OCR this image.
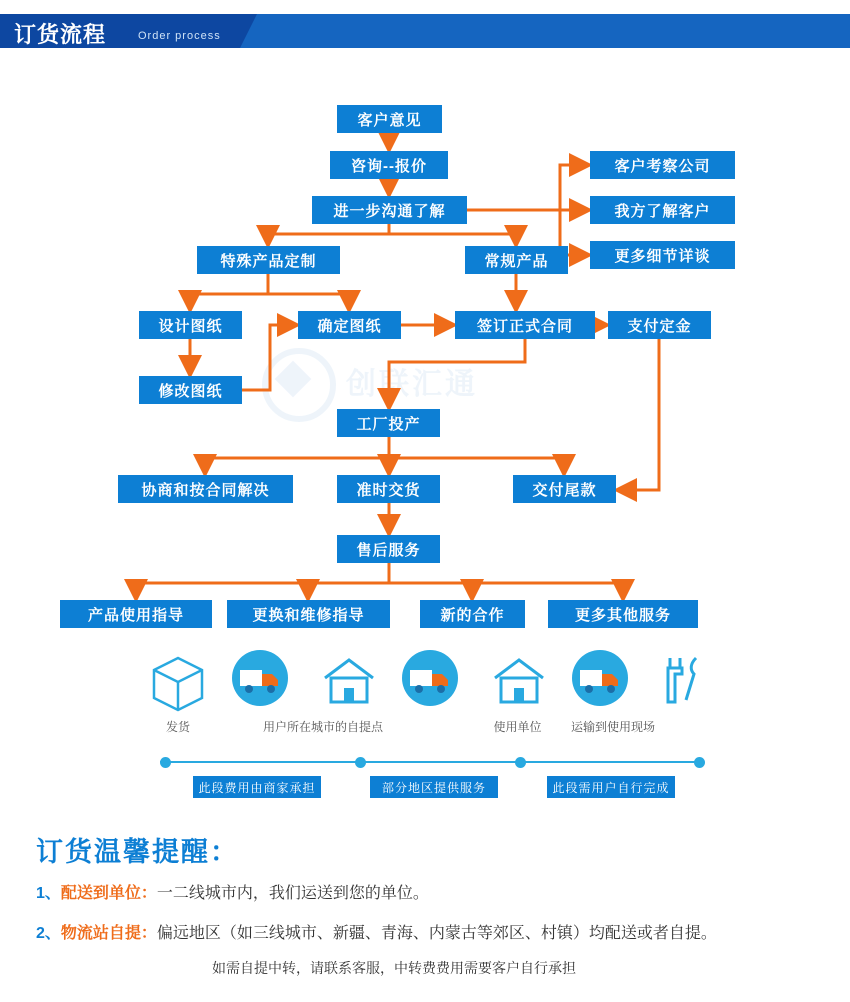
订货流程	Order process
创联汇通
客户意见
咨询--报价
进一步沟通了解
客户考察公司
我方了解客户
更多细节详谈
特殊产品定制	常规产品
设计图纸	确定图纸	签订正式合同	支付定金
修改图纸
工厂投产
协商和按合同解决	准时交货	交付尾款
售后服务
产品使用指导	更换和维修指导	新的合作	更多其他服务
发货	用户所在城市的自提点	使用单位	运输到使用现场
此段费用由商家承担	部分地区提供服务	此段需用户自行完成
订货温馨提醒：
1、配送到单位：一二线城市内，我们运送到您的单位。
2、物流站自提：偏远地区（如三线城市、新疆、青海、内蒙古等郊区、村镇）均配送或者自提。
如需自提中转，请联系客服，中转费费用需要客户自行承担
